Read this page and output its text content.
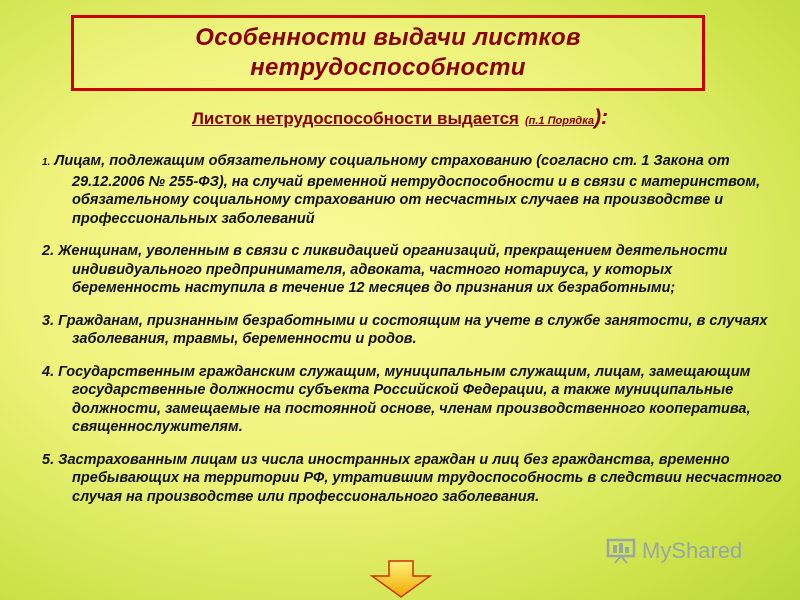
Особенности выдачи листков
нетрудоспособности
Листок нетрудоспособности выдается (п.1 Порядка):

1. Лицам, подлежащим обязательному социальному страхованию (согласно ст. 1 Закона от 29.12.2006 № 255-ФЗ), на случай временной нетрудоспособности и в связи с материнством, обязательному социальному страхованию от несчастных случаев на производстве и профессиональных заболеваний

2. Женщинам, уволенным в связи с ликвидацией организаций, прекращением деятельности индивидуального предпринимателя, адвоката, частного нотариуса, у которых беременность наступила в течение 12 месяцев до признания их безработными;

3. Гражданам, признанным безработными и состоящим на учете в службе занятости, в случаях заболевания, травмы, беременности и родов.

4. Государственным гражданским служащим, муниципальным служащим, лицам, замещающим государственные должности субъекта Российской Федерации, а также муниципальные должности, замещаемые на постоянной основе, членам производственного кооператива, священнослужителям.

5. Застрахованным лицам из числа иностранных граждан и лиц без гражданства, временно пребывающих на территории РФ, утратившим трудоспособность в следствии несчастного случая на производстве или профессионального заболевания.

MyShared
